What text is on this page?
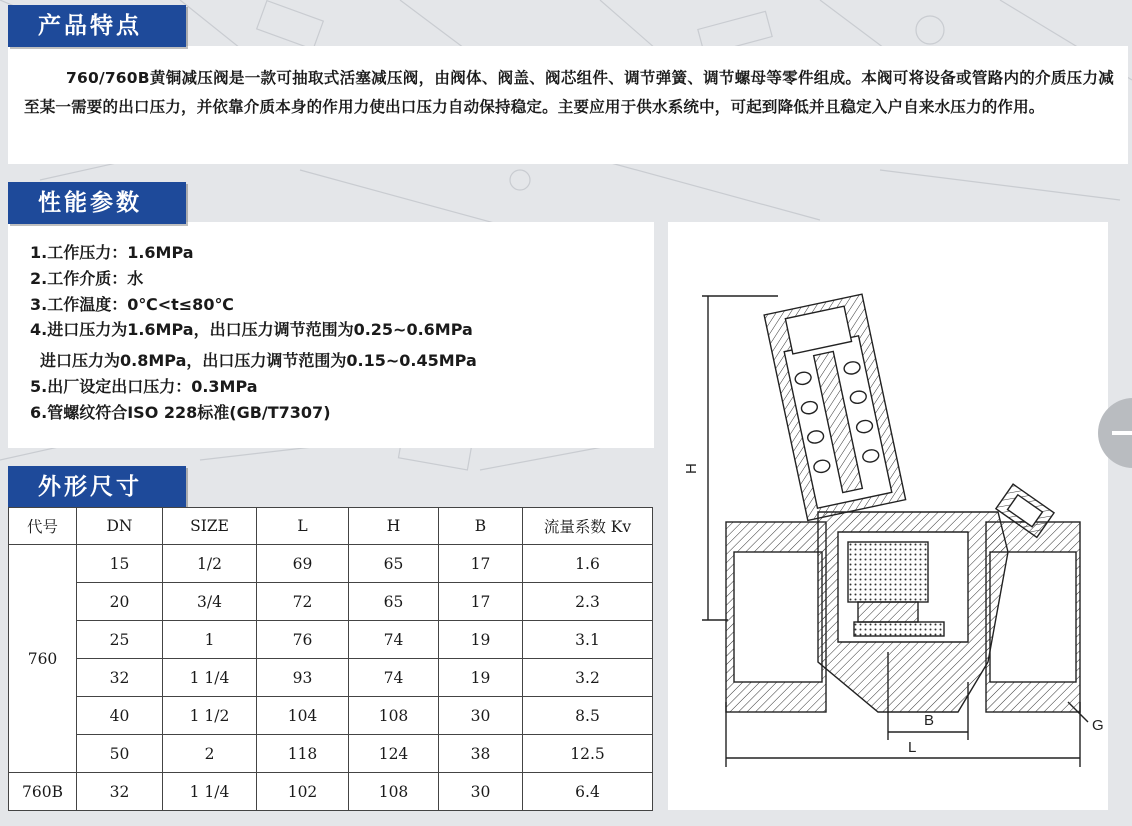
产品特点
760/760B黄铜减压阀是一款可抽取式活塞减压阀，由阀体、阀盖、阀芯组件、调节弹簧、调节螺母等零件组成。本阀可将设备或管路内的介质压力减至某一需要的出口压力，并依靠介质本身的作用力使出口压力自动保持稳定。主要应用于供水系统中，可起到降低并且稳定入户自来水压力的作用。
性能参数
1.工作压力：1.6MPa
2.工作介质：水
3.工作温度：0℃<t≤80℃
4.进口压力为1.6MPa，出口压力调节范围为0.25~0.6MPa
进口压力为0.8MPa，出口压力调节范围为0.15~0.45MPa
5.出厂设定出口压力：0.3MPa
6.管螺纹符合ISO 228标准(GB/T7307)
外形尺寸
代号	DN	SIZE	L	H	B	流量系数 Kv
760	15	1/2	69	65	17	1.6
	20	3/4	72	65	17	2.3
	25	1	76	74	19	3.1
	32	1 1/4	93	74	19	3.2
	40	1 1/2	104	108	30	8.5
	50	2	118	124	38	12.5
760B	32	1 1/4	102	108	30	6.4
H
L
B	G
